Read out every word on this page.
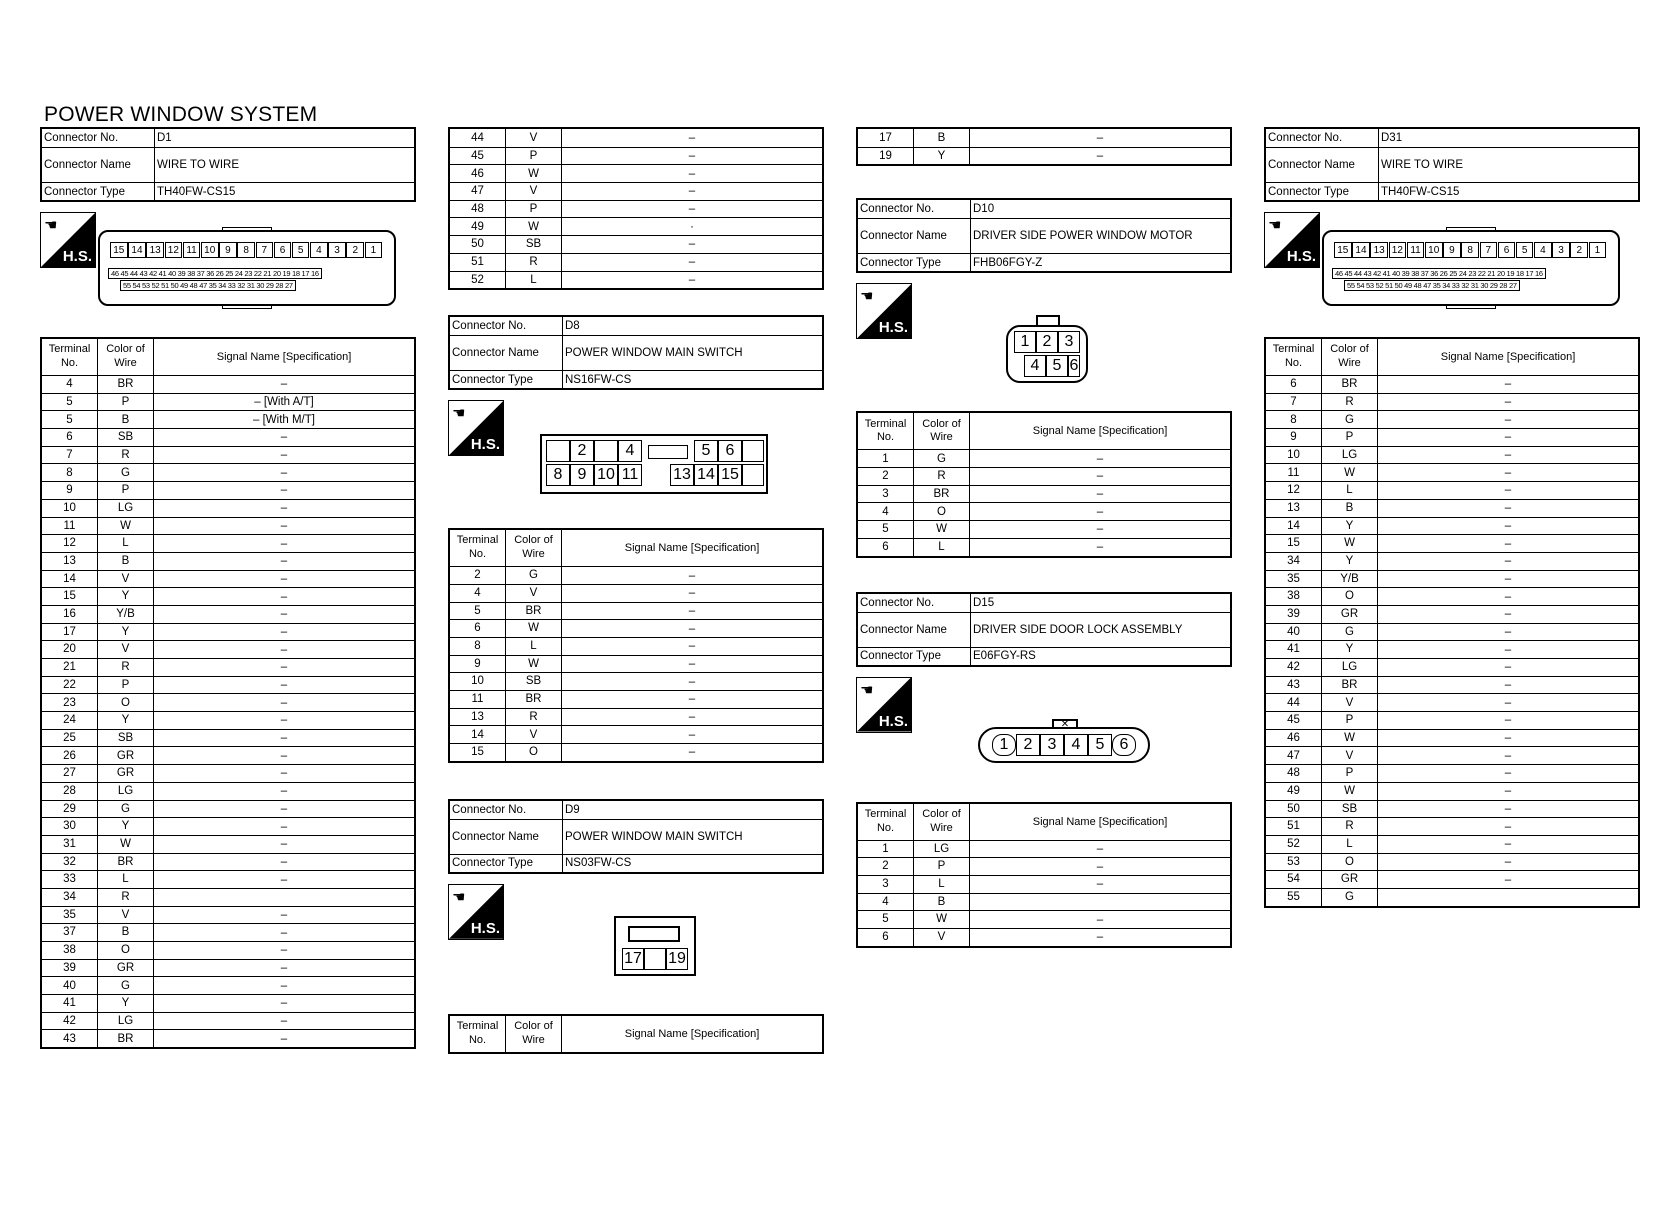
POWER WINDOW SYSTEM
Connector No.	D1
Connector Name	WIRE TO WIRE
Connector Type	TH40FW-CS15
☚
H.S.	15 14 13 12 11 10 9	8	7	6	5	4	3	2	1
46 45 44 43 42 41 40 39 38 37 36 26 25 24 23 22 21 20 19 18 17 16
55 54 53 52 51 50 49 48 47 35 34 33 32 31 30 29 28 27
Terminal No.
Color of Wire	Signal Name [Specification]
4	BR	–
5	P	– [With A/T]
5	B	– [With M/T]
6	SB	–
7	R	–
8	G	–
9	P	–
10	LG	–
11	W	–
12	L	–
13	B	–
14	V	–
15	Y	–
16	Y/B	–
17	Y	–
20	V	–
21	R	–
22	P	–
23	O	–
24	Y	–
25	SB	–
26	GR	–
27	GR	–
28	LG	–
29	G	–
30	Y	–
31	W	–
32	BR	–
33	L	–
34	R
35	V	–
37	B	–
38	O	–
39	GR	–
40	G	–
41	Y	–
42	LG	–
43	BR	–
44	V	–
45	P	–
46	W	–
47	V	–
48	P	–
49	W	·
50	SB	–
51	R	–
52	L	–
Connector No.	D8
Connector Name	POWER WINDOW MAIN SWITCH
Connector Type	NS16FW-CS
☚
H.S.	2	4	5 6
8 9 10 11 13 14 15
Terminal No.
Color of Wire	Signal Name [Specification]
2	G	–
4	V	–
5	BR	–
6	W	–
8	L	–
9	W	–
10	SB	–
11	BR	–
13	R	–
14	V	–
15	O	–
Connector No.	D9
Connector Name	POWER WINDOW MAIN SWITCH
Connector Type	NS03FW-CS
☚
H.S.
17 19
Terminal No.
Color of Wire	Signal Name [Specification]
17	B	–
19	Y	–
Connector No.	D10
Connector Name	DRIVER SIDE POWER WINDOW MOTOR
Connector Type	FHB06FGY-Z
☚
H.S.
1 2 3
4 5 6
Terminal No.
Color of Wire	Signal Name [Specification]
1	G	–
2	R	–
3	BR	–
4	O	–
5	W	–
6	L	–
Connector No.	D15
Connector Name	DRIVER SIDE DOOR LOCK ASSEMBLY
Connector Type	E06FGY-RS
☚
H.S.	✕
1 2 3 4 5 6
Terminal No.
Color of Wire	Signal Name [Specification]
1	LG	–
2	P	–
3	L	–
4	B
5	W	–
6	V	–
Connector No.	D31
Connector Name	WIRE TO WIRE
Connector Type	TH40FW-CS15
☚
H.S.	15 14 13 12 11 10 9	8	7	6	5	4	3	2	1
46 45 44 43 42 41 40 39 38 37 36 26 25 24 23 22 21 20 19 18 17 16
55 54 53 52 51 50 49 48 47 35 34 33 32 31 30 29 28 27
Terminal No.
Color of Wire	Signal Name [Specification]
6	BR	–
7	R	–
8	G	–
9	P	–
10	LG	–
11	W	–
12	L	–
13	B	–
14	Y	–
15	W	–
34	Y	–
35	Y/B	–
38	O	–
39	GR	–
40	G	–
41	Y	–
42	LG	–
43	BR	–
44	V	–
45	P	–
46	W	–
47	V	–
48	P	–
49	W	–
50	SB	–
51	R	–
52	L	–
53	O	–
54	GR	–
55	G
